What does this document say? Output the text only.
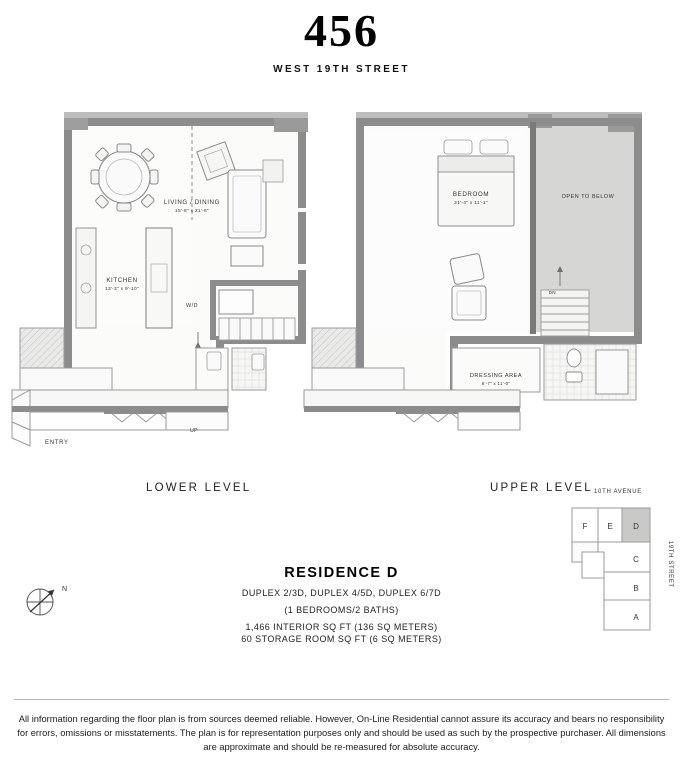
456
WEST 19TH STREET
W/D
UP
ENTRY
LIVING / DINING
15'-8" x 21'-8"
KITCHEN
13'-3" x 9'-10"
DN
BEDROOM
21'-4" x 11'-1"
OPEN TO BELOW
DRESSING AREA
6'-7" x 11'-0"
LOWER LEVEL	UPPER LEVEL 10TH AVENUE
19TH STREET
F E	D
C
B
A
N
RESIDENCE D
DUPLEX 2/3D, DUPLEX 4/5D, DUPLEX 6/7D
(1 BEDROOMS/2 BATHS)
1,466 INTERIOR SQ FT (136 SQ METERS)
60 STORAGE ROOM SQ FT (6 SQ METERS)
All information regarding the floor plan is from sources deemed reliable. However, On-Line Residential cannot assure its accuracy and bears no responsibility for errors, omissions or misstatements. The plan is for representation purposes only and should be used as such by the prospective purchaser. All dimensions are approximate and should be re-measured for absolute accuracy.
